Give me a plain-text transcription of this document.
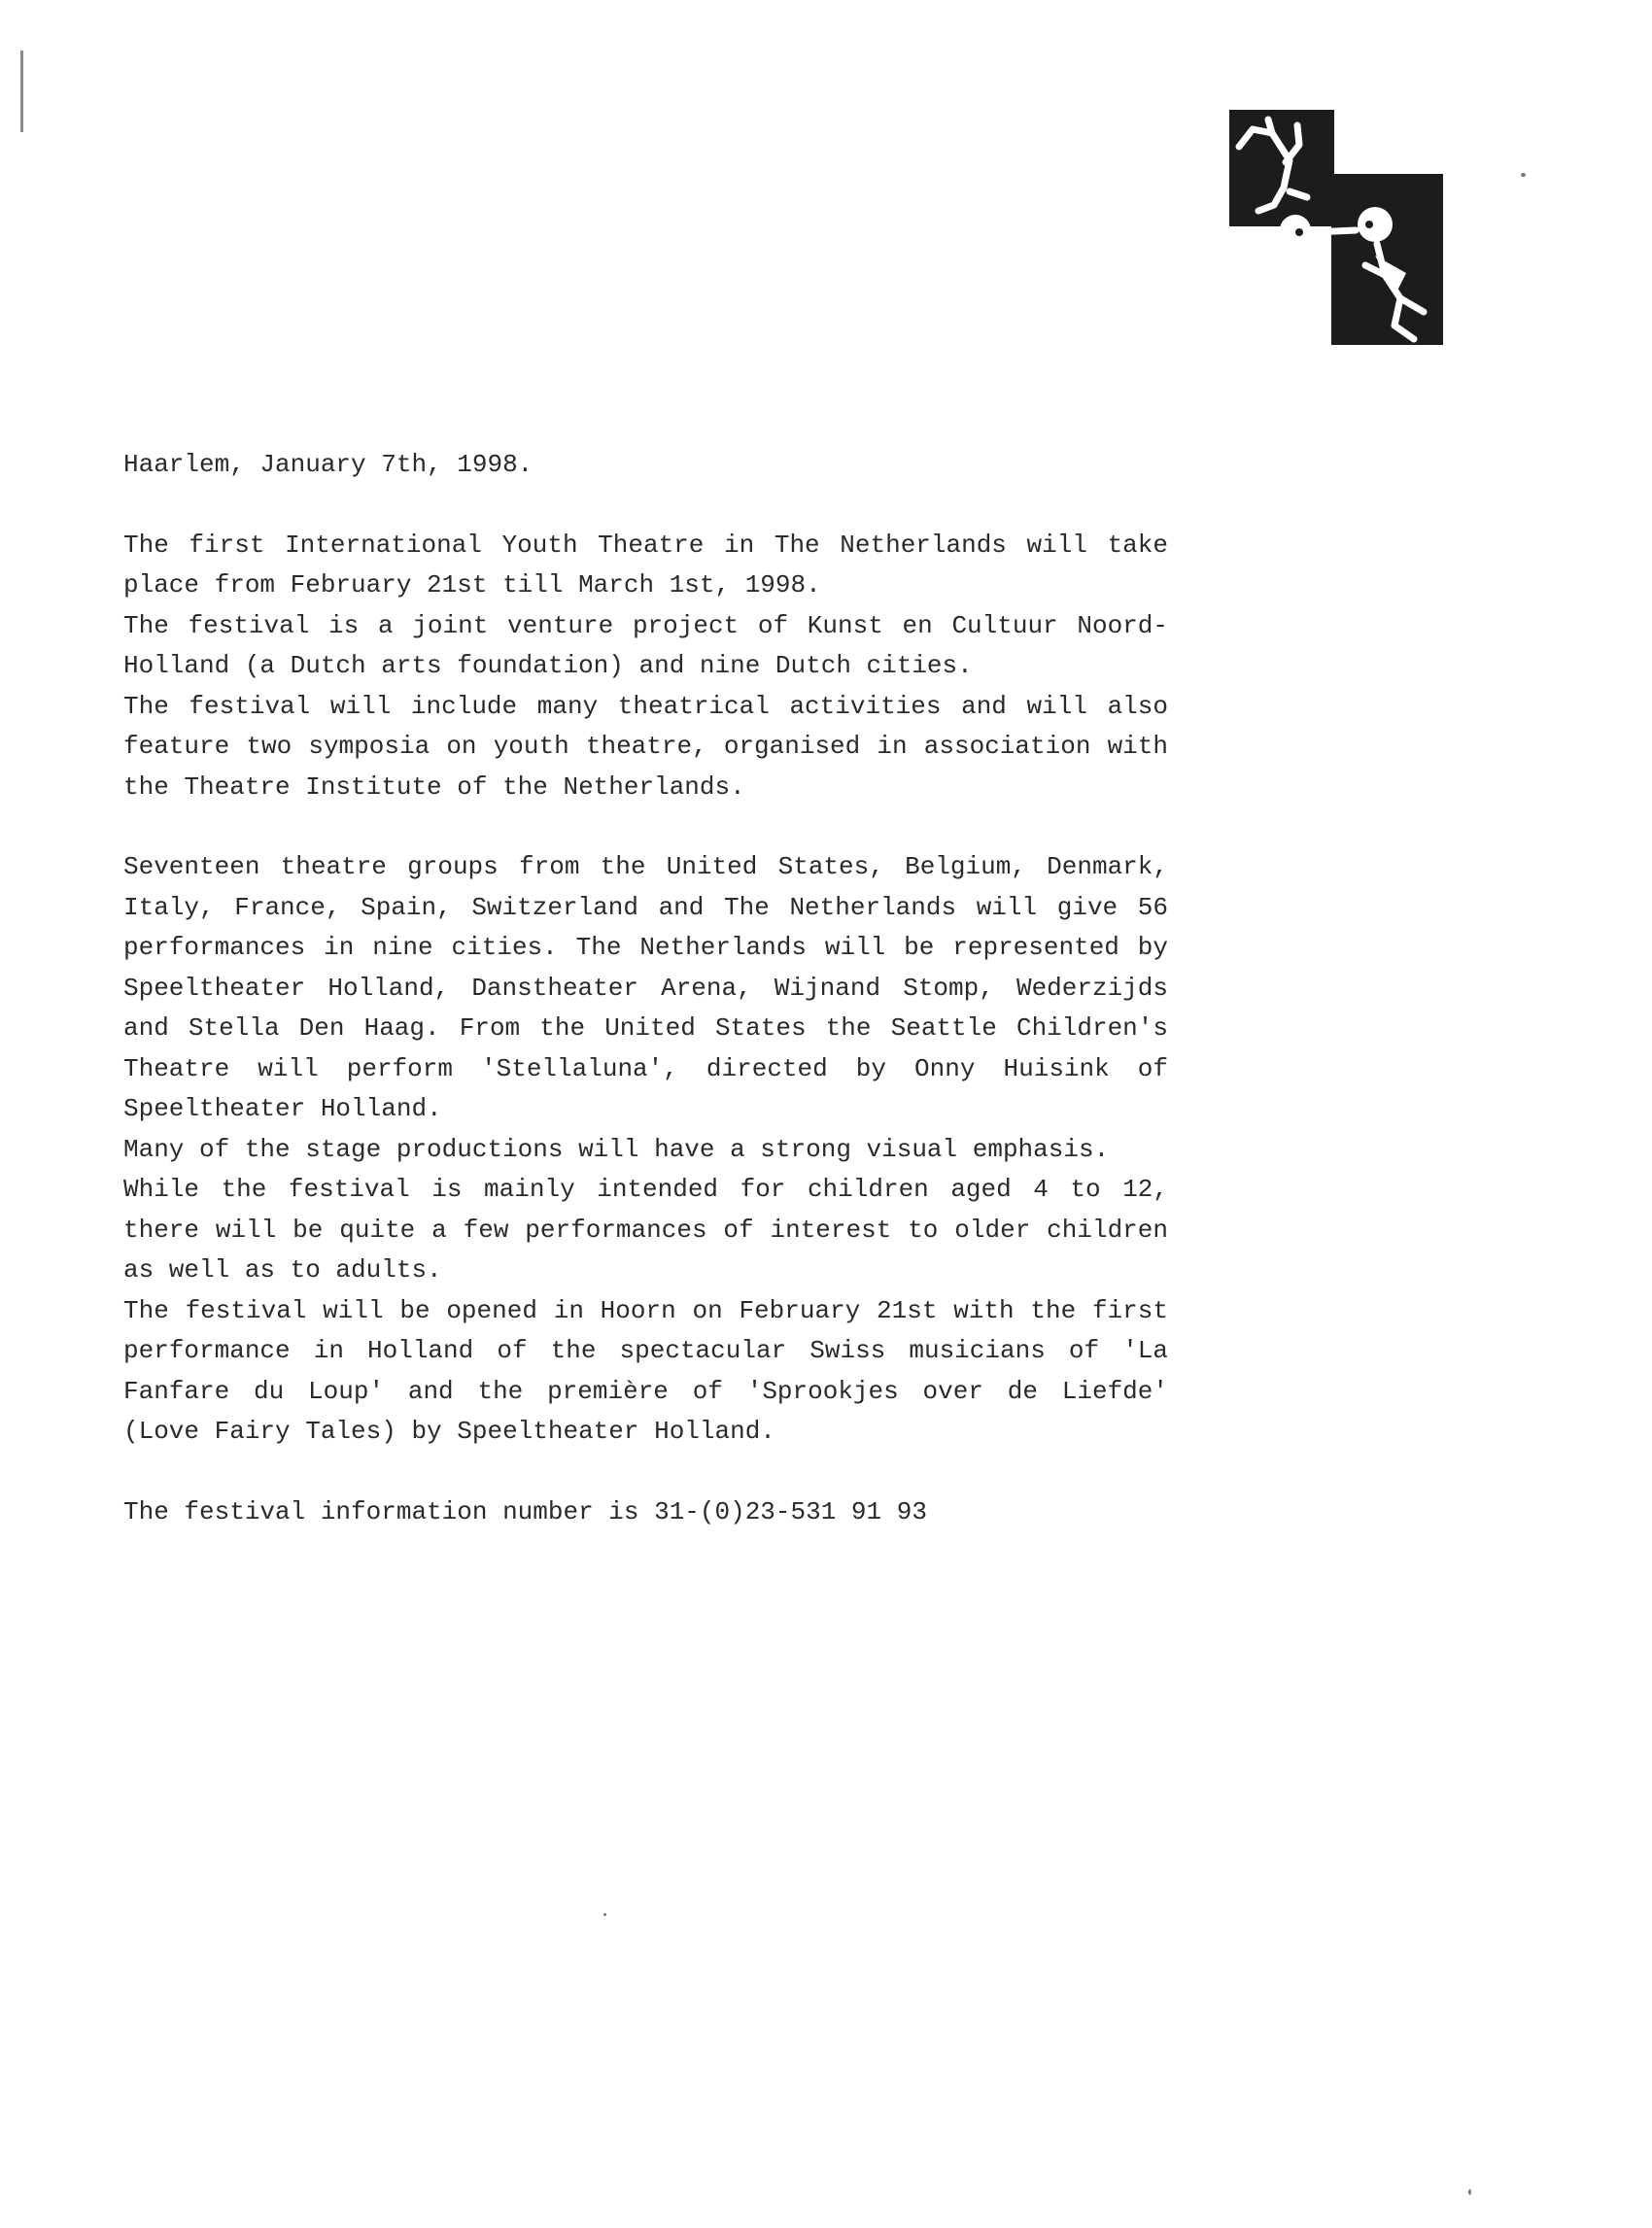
Haarlem, January 7th, 1998.

The first International Youth Theatre in The Netherlands will take place from February 21st till March 1st, 1998.

The festival is a joint venture project of Kunst en Cultuur Noord-Holland (a Dutch arts foundation) and nine Dutch cities.

The festival will include many theatrical activities and will also feature two symposia on youth theatre, organised in association with the Theatre Institute of the Netherlands.

Seventeen theatre groups from the United States, Belgium, Denmark, Italy, France, Spain, Switzerland and The Netherlands will give 56 performances in nine cities. The Netherlands will be represented by Speeltheater Holland, Danstheater Arena, Wijnand Stomp, Wederzijds and Stella Den Haag. From the United States the Seattle Children's Theatre will perform 'Stellaluna', directed by Onny Huisink of Speeltheater Holland.

Many of the stage productions will have a strong visual emphasis.

While the festival is mainly intended for children aged 4 to 12, there will be quite a few performances of interest to older children as well as to adults.

The festival will be opened in Hoorn on February 21st with the first performance in Holland of the spectacular Swiss musicians of 'La Fanfare du Loup' and the première of 'Sprookjes over de Liefde' (Love Fairy Tales) by Speeltheater Holland.

The festival information number is 31-(0)23-531 91 93
